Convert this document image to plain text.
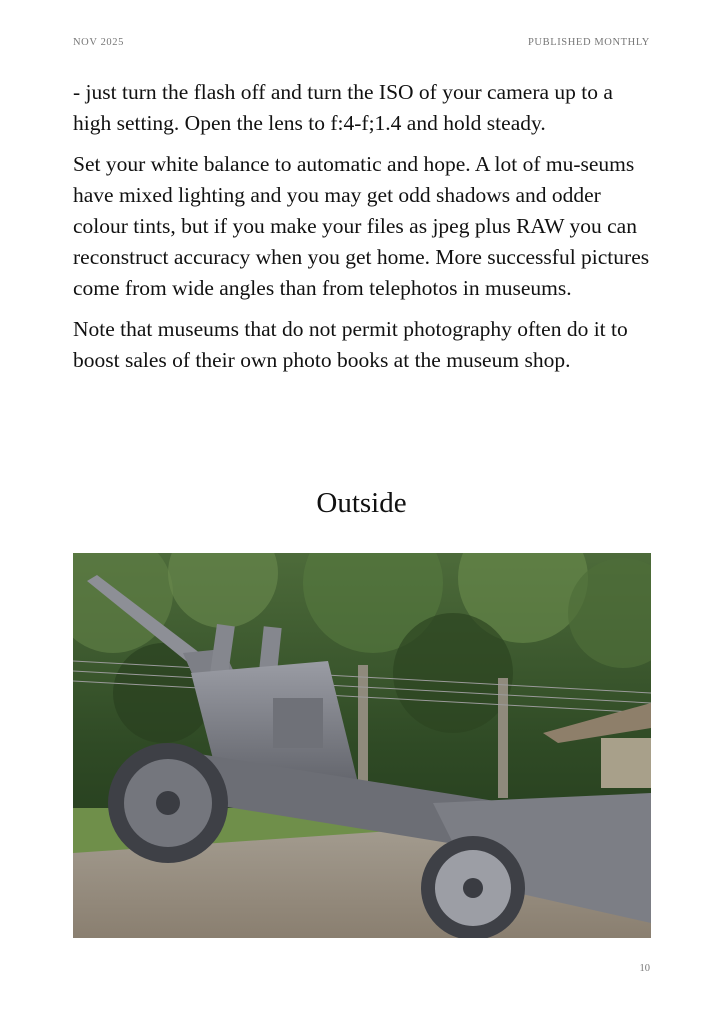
NOV 2025	PUBLISHED MONTHLY

- just turn the flash off and turn the ISO of your camera up to a high setting. Open the lens to f:4-f;1.4 and hold steady.

Set your white balance to automatic and hope. A lot of mu-seums have mixed lighting and you may get odd shadows and odder colour tints, but if you make your files as jpeg plus RAW you can reconstruct accuracy when you get home. More successful pictures come from wide angles than from telephotos in museums.

Note that museums that do not permit photography often do it to boost sales of their own photo books at the museum shop.

Outside
10
